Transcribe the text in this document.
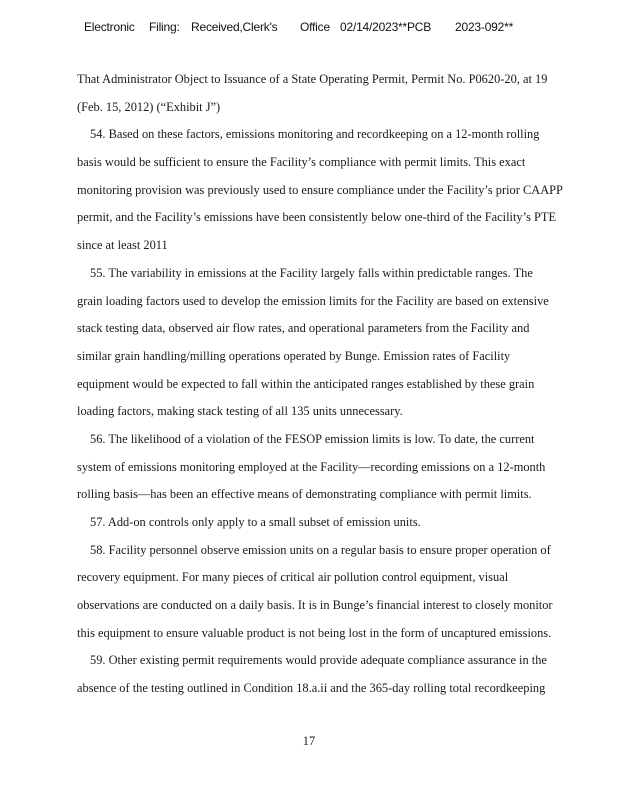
Electronic Filing: Received,Clerk's Office 02/14/2023**PCB 2023-092**
That Administrator Object to Issuance of a State Operating Permit, Permit No. P0620-20, at 19
(Feb. 15, 2012) (“Exhibit J”)
54. Based on these factors, emissions monitoring and recordkeeping on a 12-month rolling
basis would be sufficient to ensure the Facility’s compliance with permit limits. This exact
monitoring provision was previously used to ensure compliance under the Facility’s prior CAAPP
permit, and the Facility’s emissions have been consistently below one-third of the Facility’s PTE
since at least 2011
55. The variability in emissions at the Facility largely falls within predictable ranges. The
grain loading factors used to develop the emission limits for the Facility are based on extensive
stack testing data, observed air flow rates, and operational parameters from the Facility and
similar grain handling/milling operations operated by Bunge. Emission rates of Facility
equipment would be expected to fall within the anticipated ranges established by these grain
loading factors, making stack testing of all 135 units unnecessary.
56. The likelihood of a violation of the FESOP emission limits is low. To date, the current
system of emissions monitoring employed at the Facility—recording emissions on a 12-month
rolling basis—has been an effective means of demonstrating compliance with permit limits.
57. Add-on controls only apply to a small subset of emission units.
58. Facility personnel observe emission units on a regular basis to ensure proper operation of
recovery equipment. For many pieces of critical air pollution control equipment, visual
observations are conducted on a daily basis. It is in Bunge’s financial interest to closely monitor
this equipment to ensure valuable product is not being lost in the form of uncaptured emissions.
59. Other existing permit requirements would provide adequate compliance assurance in the
absence of the testing outlined in Condition 18.a.ii and the 365-day rolling total recordkeeping
17
